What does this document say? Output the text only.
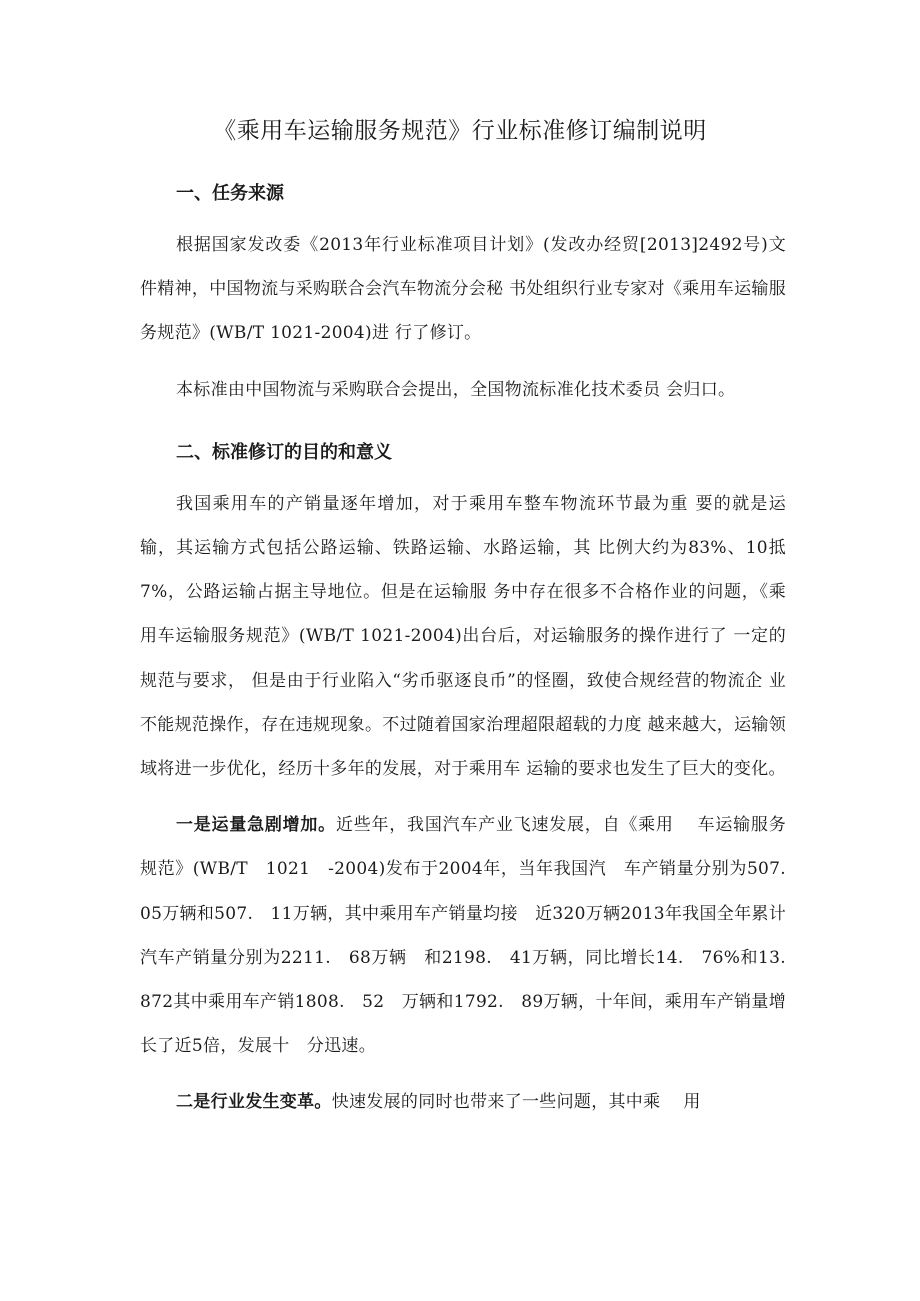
《乘用车运输服务规范》行业标准修订编制说明
一、任务来源

根据国家发改委《2013年行业标准项目计划》(发改办经贸[2013]2492号)文件精神，中国物流与采购联合会汽车物流分会秘 书处组织行业专家对《乘用车运输服务规范》(WB/T 1021-2004)进 行了修订。

本标准由中国物流与采购联合会提出，全国物流标准化技术委员 会归口。

二、标准修订的目的和意义

我国乘用车的产销量逐年增加，对于乘用车整车物流环节最为重 要的就是运输，其运输方式包括公路运输、铁路运输、水路运输，其 比例大约为83%、10抵7%，公路运输占据主导地位。但是在运输服 务中存在很多不合格作业的问题，《乘用车运输服务规范》(WB/T 1021-2004)出台后，对运输服务的操作进行了 一定的规范与要求， 但是由于行业陷入“劣币驱逐良币”的怪圈，致使合规经营的物流企 业不能规范操作，存在违规现象。不过随着国家治理超限超载的力度 越来越大，运输领域将进一步优化，经历十多年的发展，对于乘用车 运输的要求也发生了巨大的变化。

一是运量急剧增加。近些年，我国汽车产业飞速发展，自《乘用　 车运输服务规范》(WB/T　1021　-2004)发布于2004年，当年我国汽　车产销量分别为507.　05万辆和507.　11万辆，其中乘用车产销量均接　近320万辆2013年我国全年累计汽车产销量分别为2211.　68万辆　和2198.　41万辆，同比增长14.　76%和13.　872其中乘用车产销1808.　52　万辆和1792.　89万辆，十年间，乘用车产销量增长了近5倍，发展十　分迅速。

二是行业发生变革。快速发展的同时也带来了一些问题，其中乘　 用
